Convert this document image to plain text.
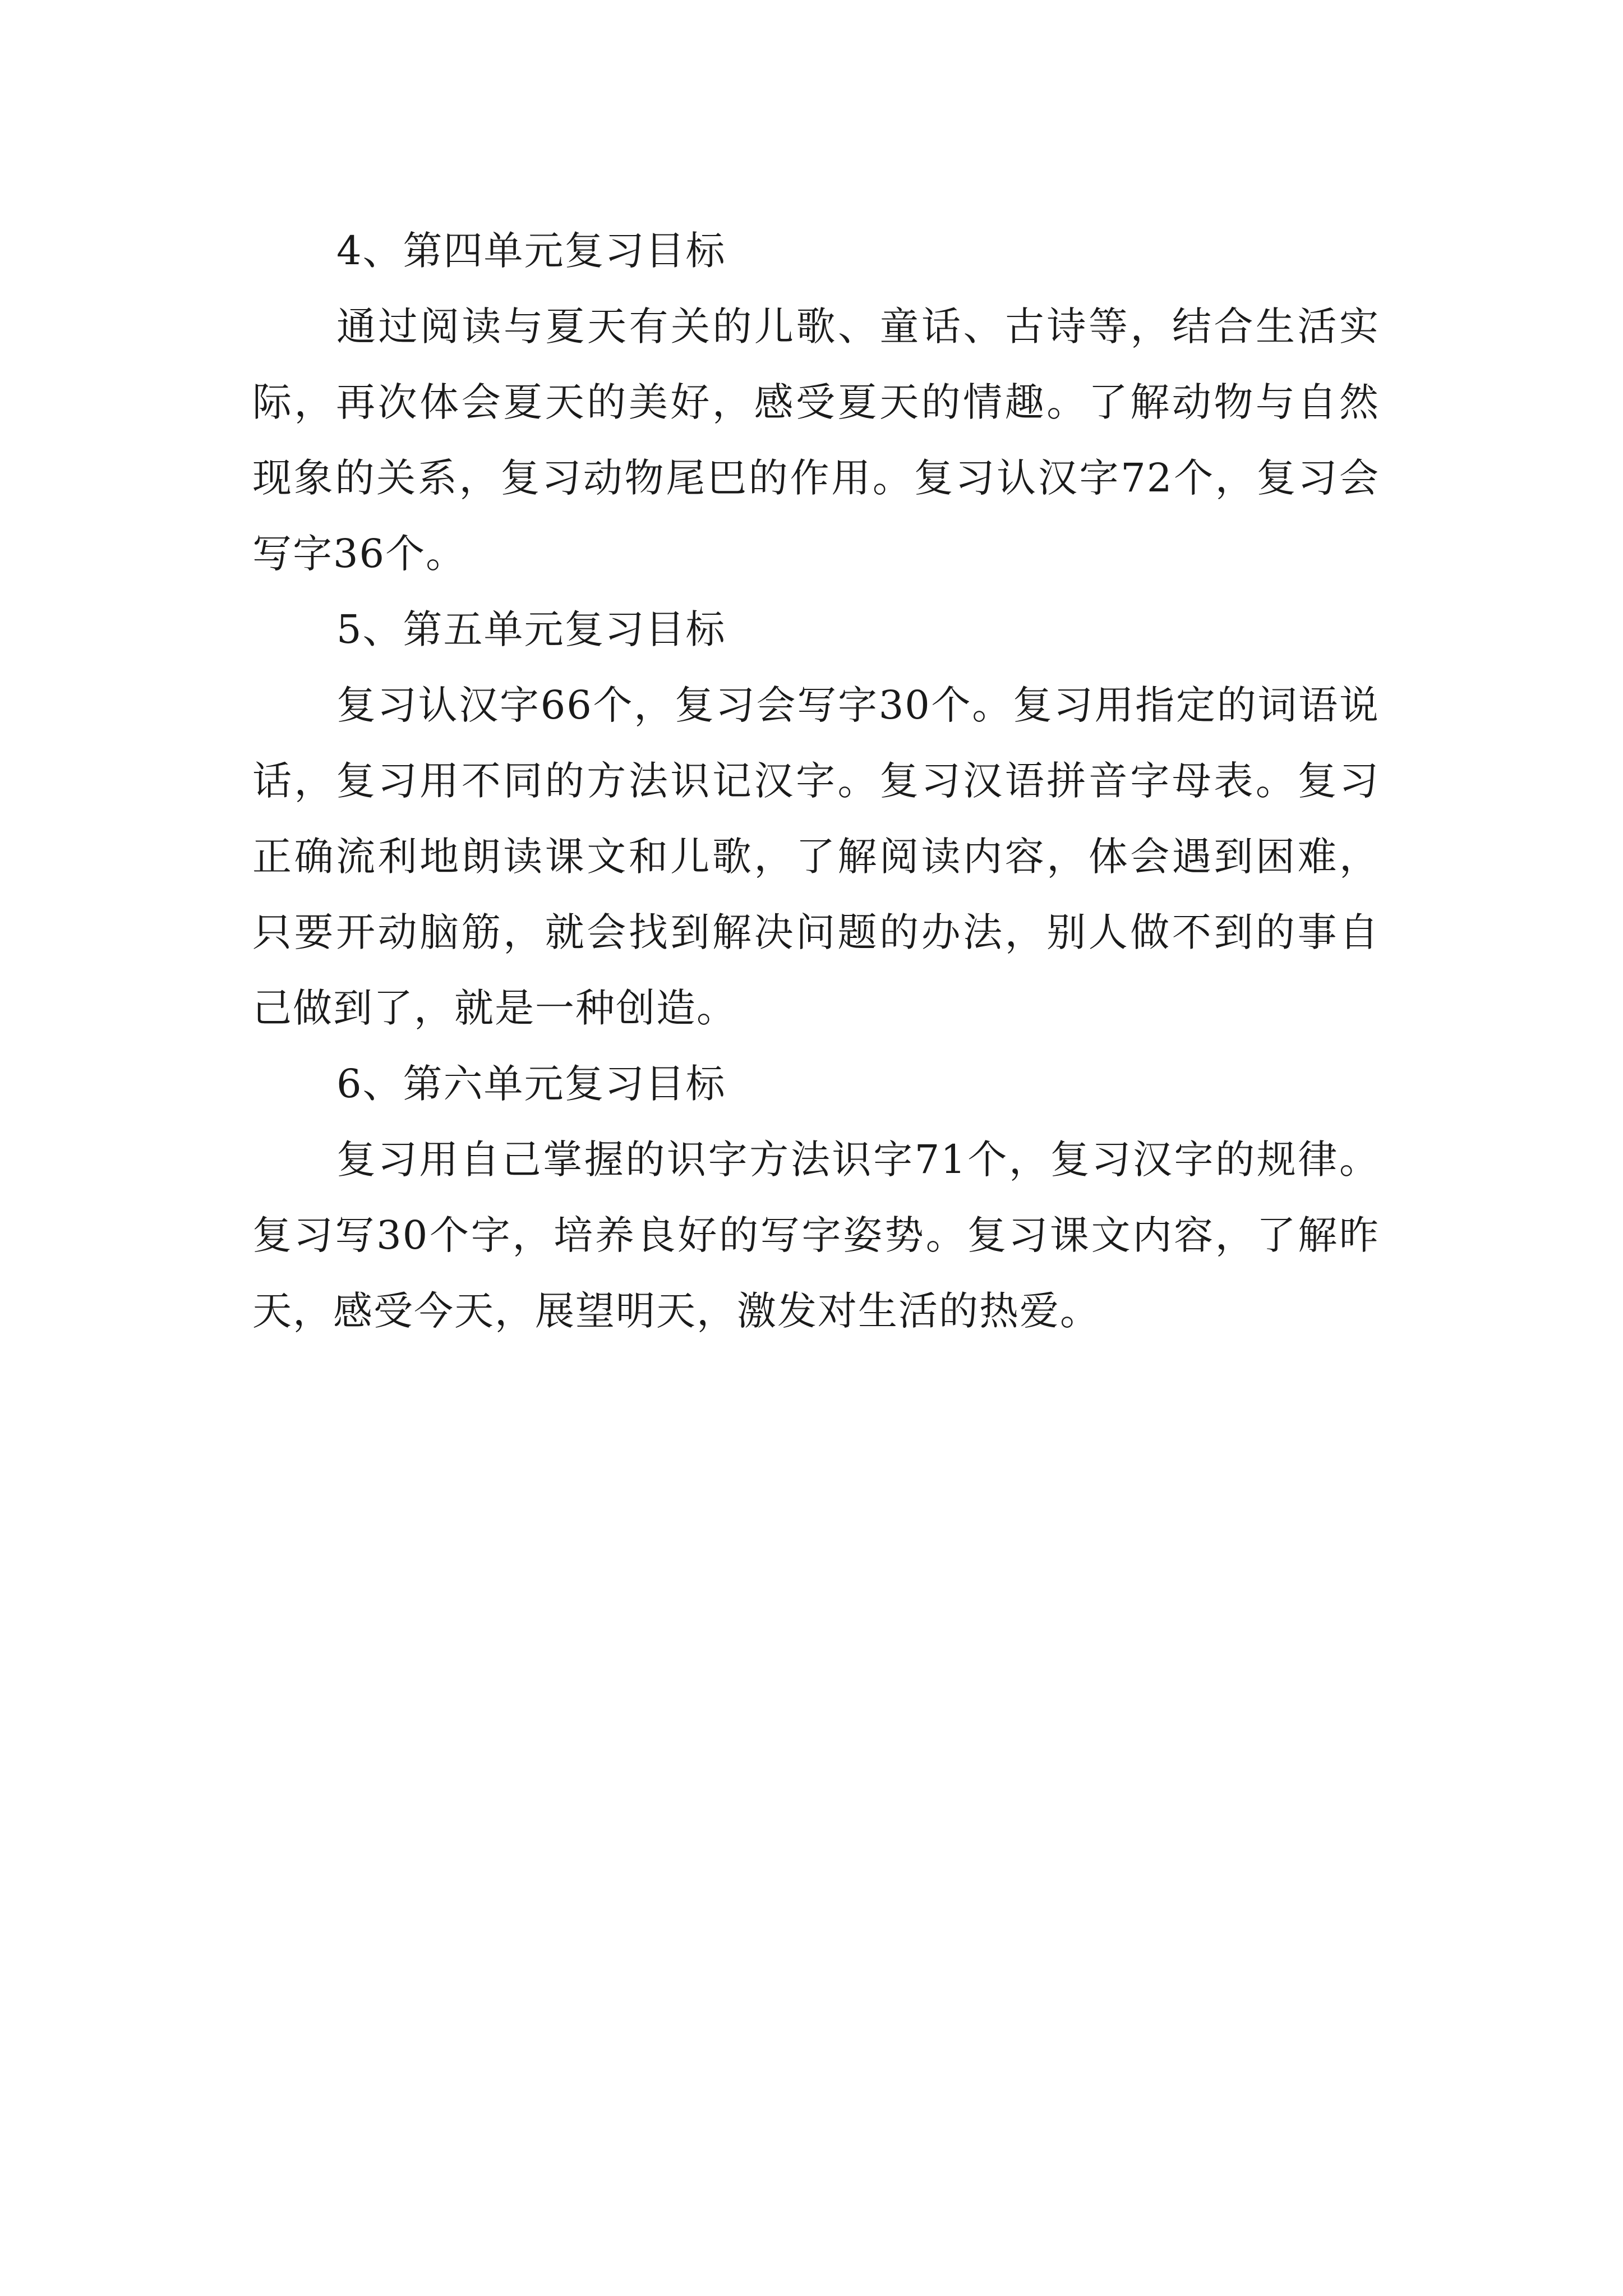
4、第四单元复习目标

通过阅读与夏天有关的儿歌、童话、古诗等，结合生活实际，再次体会夏天的美好，感受夏天的情趣。了解动物与自然现象的关系，复习动物尾巴的作用。复习认汉字72个，复习会写字36个。

5、第五单元复习目标

复习认汉字66个，复习会写字30个。复习用指定的词语说话，复习用不同的方法识记汉字。复习汉语拼音字母表。复习正确流利地朗读课文和儿歌，了解阅读内容，体会遇到困难，只要开动脑筋，就会找到解决问题的办法，别人做不到的事自己做到了，就是一种创造。

6、第六单元复习目标

复习用自己掌握的识字方法识字71个，复习汉字的规律。复习写30个字，培养良好的写字姿势。复习课文内容，了解昨天，感受今天，展望明天，激发对生活的热爱。
